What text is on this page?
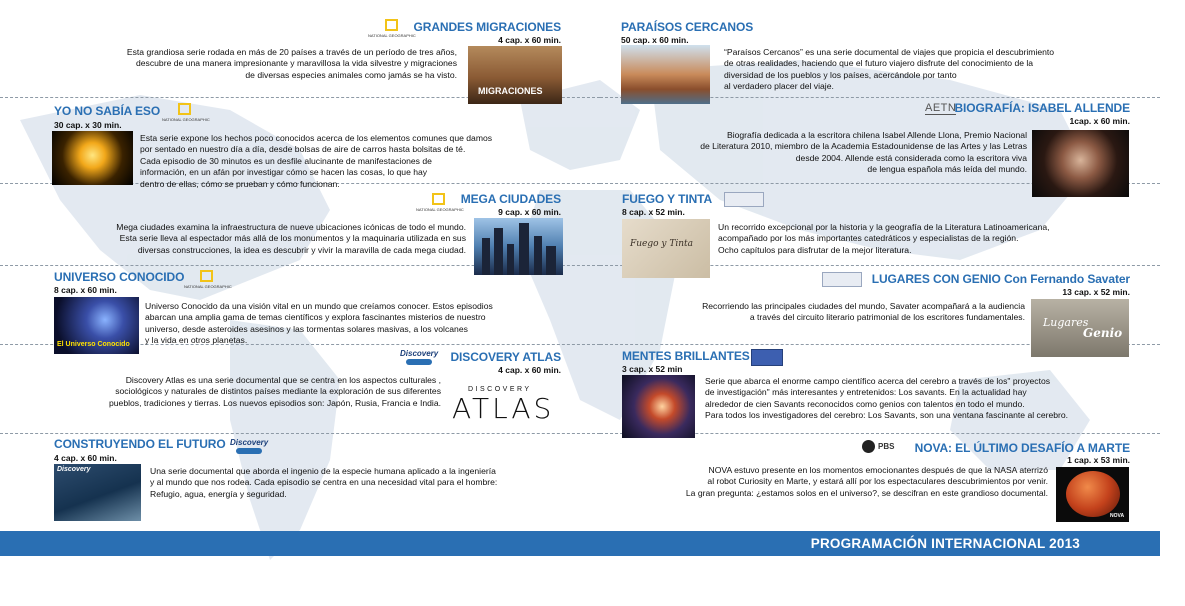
NATIONAL GEOGRAPHIC
GRANDES MIGRACIONES
4 cap. x 60 min.
Esta grandiosa serie rodada en más de 20 países a través de un período de tres años,
descubre de una manera impresionante y maravillosa la vida silvestre y migraciones
de diversas especies animales como jamás se ha visto.
MIGRACIONES
YO NO SABÍA ESO
NATIONAL GEOGRAPHIC
30 cap. x 30 min.
Esta serie expone los hechos poco conocidos acerca de los elementos comunes que damos
por sentado en nuestro día a día, desde bolsas de aire de carros hasta bolsitas de té.
Cada episodio de 30 minutos es un desfile alucinante de manifestaciones de
información, en un afán por investigar cómo se hacen las cosas, lo que hay
dentro de ellas, cómo se prueban y cómo funcionan.
NATIONAL GEOGRAPHIC
MEGA CIUDADES
9 cap. x 60 min.
Mega ciudades examina la infraestructura de nueve ubicaciones icónicas de todo el mundo.
Esta serie lleva al espectador más allá de los monumentos y la maquinaria utilizada en sus
diversas construcciones, la idea es descubrir y vivir la maravilla de cada mega ciudad.
UNIVERSO CONOCIDO
NATIONAL GEOGRAPHIC
8 cap. x 60 min.
El Universo Conocido
Universo Conocido da una visión vital en un mundo que creíamos conocer. Estos episodios
abarcan una amplia gama de temas científicos y explora fascinantes misterios de nuestro
universo, desde asteroides asesinos y las tormentas solares masivas, a los volcanes
y la vida en otros planetas.
Discovery DISCOVERY ATLAS
4 cap. x 60 min.
Discovery Atlas es una serie documental que se centra en los aspectos culturales ,
sociológicos y naturales de distintos países mediante la exploración de sus diferentes
pueblos, tradiciones y tierras. Los nuevos episodios son: Japón, Rusia, Francia e India.
DISCOVERY
ATLAS
CONSTRUYENDO EL FUTURO Discovery
4 cap. x 60 min.
Discovery	Una serie documental que aborda el ingenio de la especie humana aplicado a la ingeniería
y al mundo que nos rodea. Cada episodio se centra en una necesidad vital para el hombre:
Refugio, agua, energía y seguridad.
PARAÍSOS CERCANOS
50 cap. x 60 min.
“Paraísos Cercanos” es una serie documental de viajes que propicia el descubrimiento
de otras realidades, haciendo que el futuro viajero disfrute del conocimiento de la
diversidad de los pueblos y los países, acercándole por tanto
al verdadero placer del viaje.
AETN
BIOGRAFÍA: ISABEL ALLENDE
1cap. x 60 min.
Biografía dedicada a la escritora chilena Isabel Allende Llona, Premio Nacional
de Literatura 2010, miembro de la Academia Estadounidense de las Artes y las Letras
desde 2004. Allende está considerada como la escritora viva
de lengua española más leída del mundo.
FUEGO Y TINTA
8 cap. x 52 min.
Fuego y Tinta
Un recorrido excepcional por la historia y la geografía de la Literatura Latinoamericana,
acompañado por los más importantes catedráticos y especialistas de la región.
Ocho capítulos para disfrutar de la mejor literatura.
LUGARES CON GENIO Con Fernando Savater
13 cap. x 52 min.
Recorriendo las principales ciudades del mundo, Savater acompañará a la audiencia
a través del circuito literario patrimonial de los escritores fundamentales. Lugares
Genio
MENTES BRILLANTES
3 cap. x 52 min
Serie que abarca el enorme campo científico acerca del cerebro a través de los" proyectos
de investigación" más interesantes y entretenidos: Los savants. En la actualidad hay
alrededor de cien Savants reconocidos como genios con talentos en todo el mundo.
Para todos los investigadores del cerebro: Los Savants, son una ventana fascinante al cerebro.
PBS NOVA: EL ÚLTIMO DESAFÍO A MARTE
1 cap. x 53 min.
NOVA estuvo presente en los momentos emocionantes después de que la NASA aterrizó
al robot Curiosity en Marte, y estará allí por los espectaculares descubrimientos por venir.
La gran pregunta: ¿estamos solos en el universo?, se descifran en este grandioso documental.
NOVA
PROGRAMACIÓN INTERNACIONAL 2013
